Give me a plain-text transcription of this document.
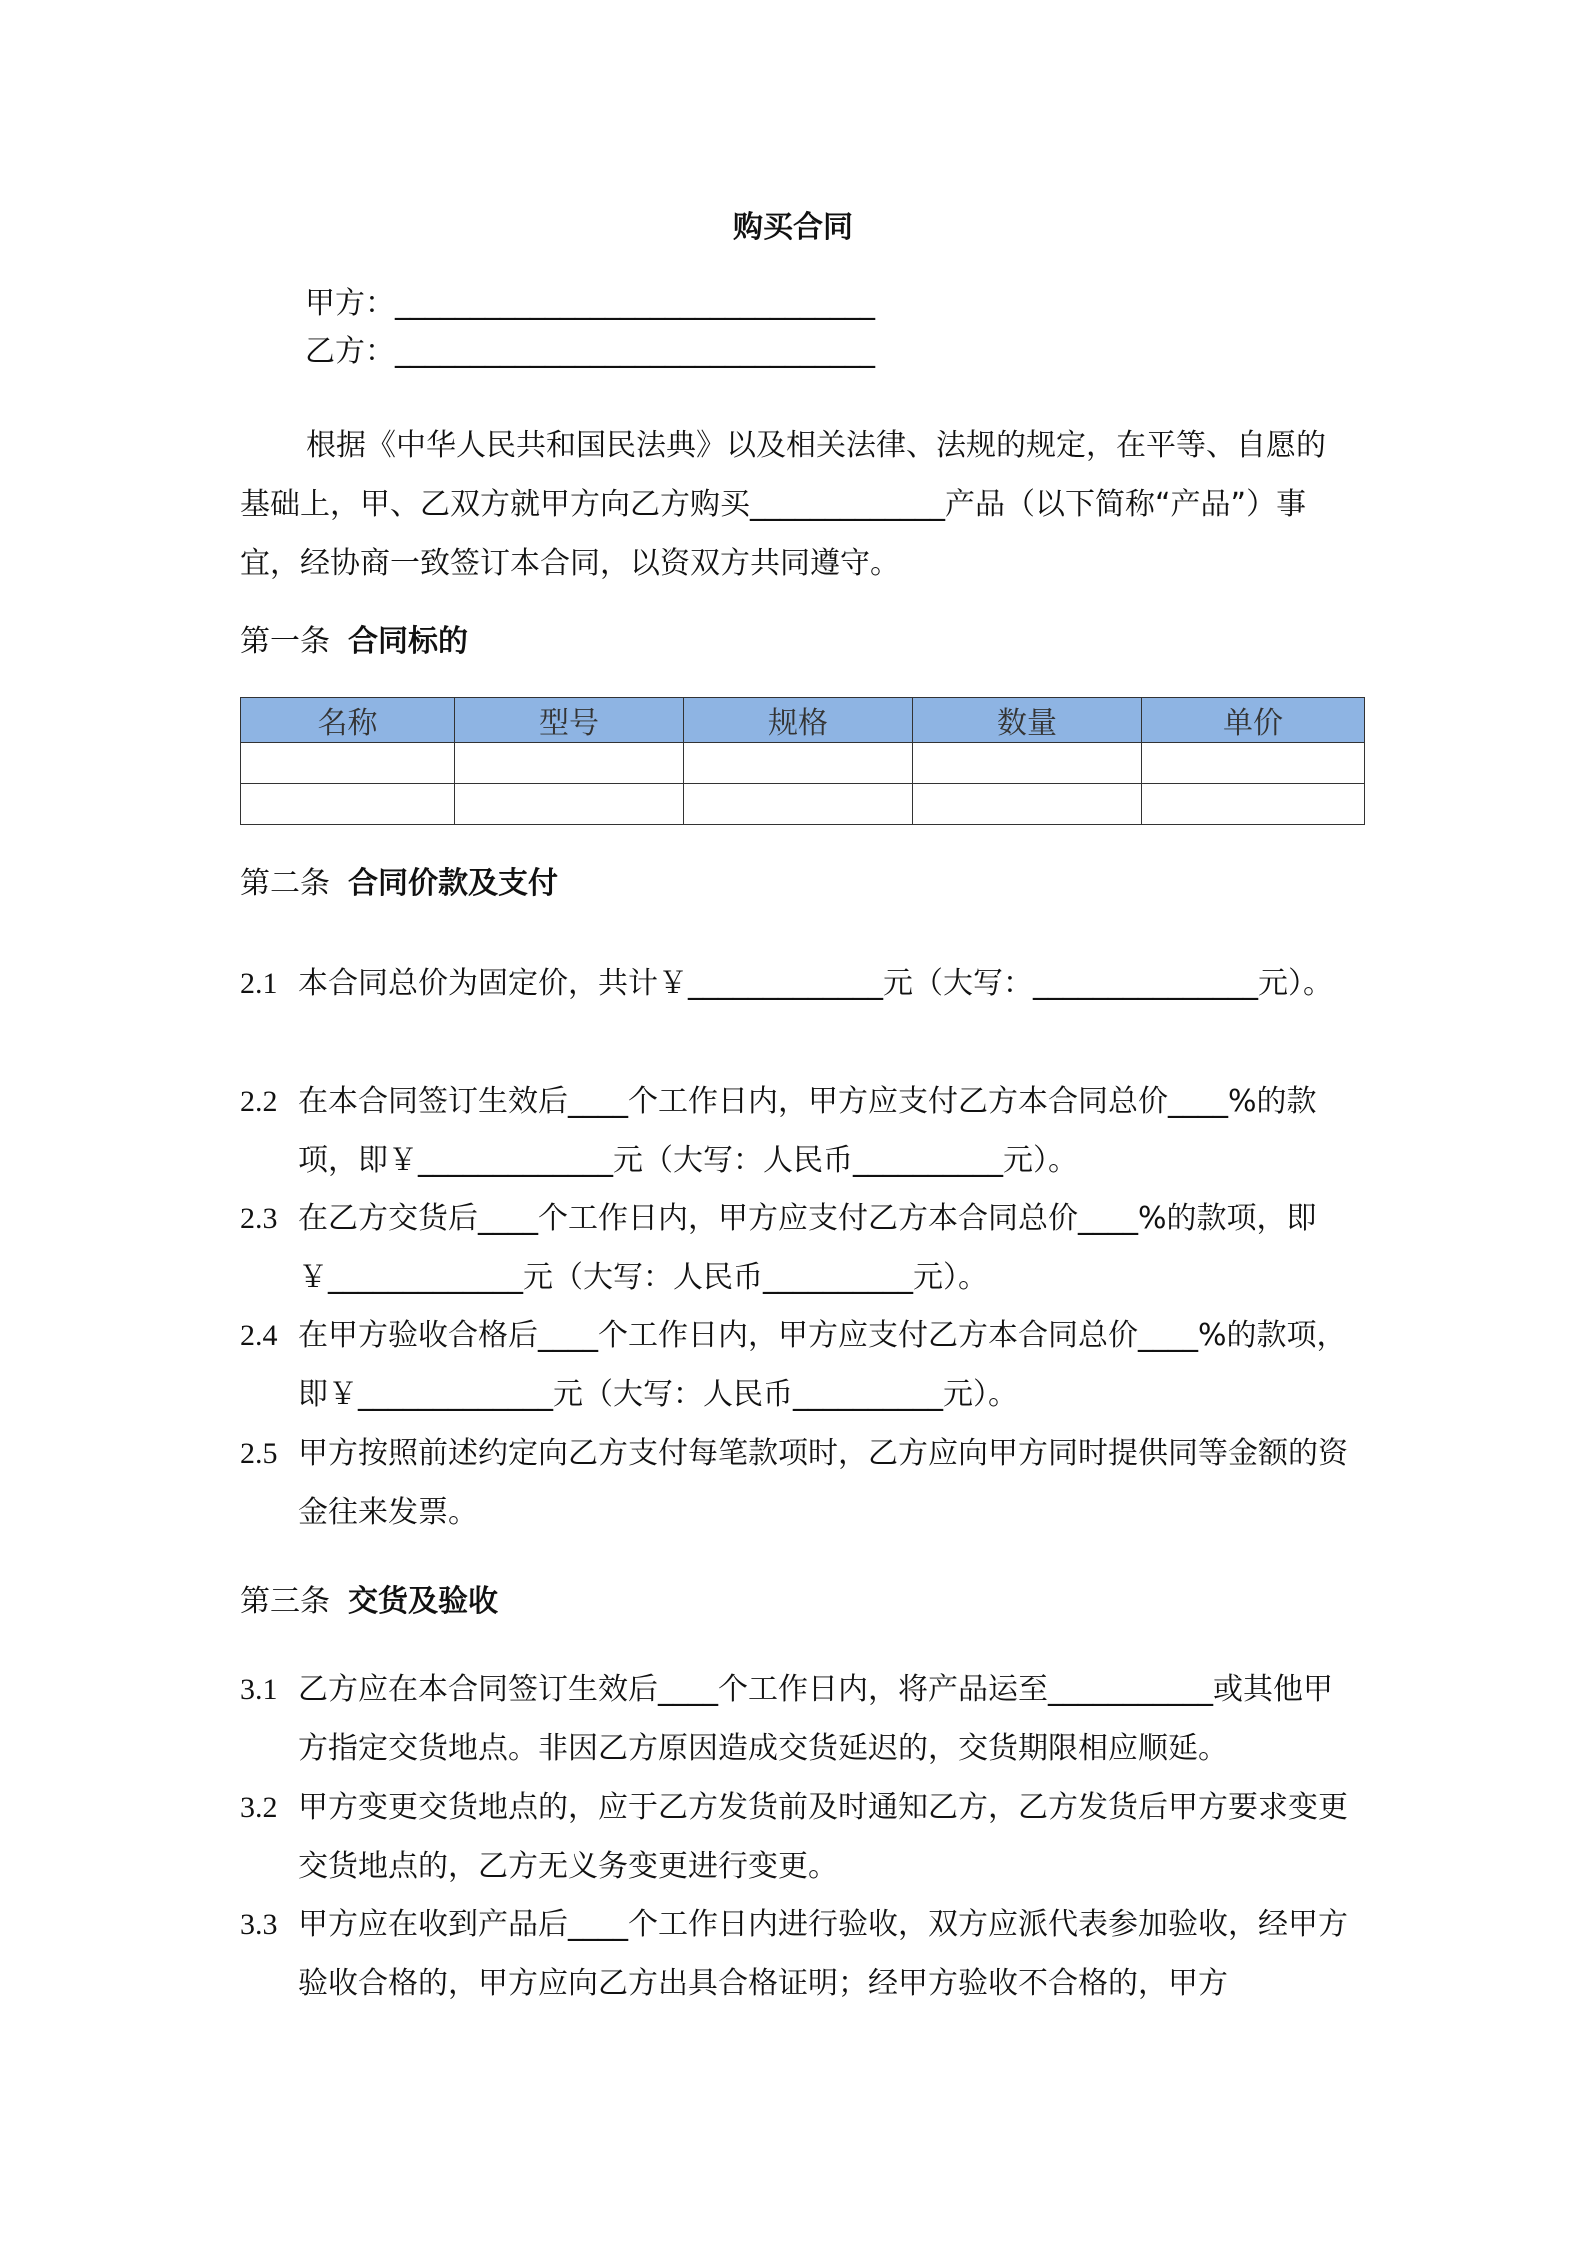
购买合同
甲方：________________________________
乙方：________________________________
根据《中华人民共和国民法典》以及相关法律、法规的规定，在平等、自愿的基础上，甲、乙双方就甲方向乙方购买_____________产品（以下简称“产品”）事宜，经协商一致签订本合同，以资双方共同遵守。
第一条 合同标的
名称	型号	规格	数量	单价

第二条 合同价款及支付
2.1 本合同总价为固定价，共计￥_____________元（大写：_______________元）。
2.2 在本合同签订生效后____个工作日内，甲方应支付乙方本合同总价____%的款项，即￥_____________元（大写：人民币__________元）。
2.3 在乙方交货后____个工作日内，甲方应支付乙方本合同总价____%的款项，即￥_____________元（大写：人民币__________元）。
2.4 在甲方验收合格后____个工作日内，甲方应支付乙方本合同总价____%的款项，即￥_____________元（大写：人民币__________元）。
2.5 甲方按照前述约定向乙方支付每笔款项时，乙方应向甲方同时提供同等金额的资金往来发票。
第三条 交货及验收
3.1 乙方应在本合同签订生效后____个工作日内，将产品运至___________或其他甲方指定交货地点。非因乙方原因造成交货延迟的，交货期限相应顺延。
3.2 甲方变更交货地点的，应于乙方发货前及时通知乙方，乙方发货后甲方要求变更交货地点的，乙方无义务变更进行变更。
3.3 甲方应在收到产品后____个工作日内进行验收，双方应派代表参加验收，经甲方验收合格的，甲方应向乙方出具合格证明；经甲方验收不合格的，甲方
